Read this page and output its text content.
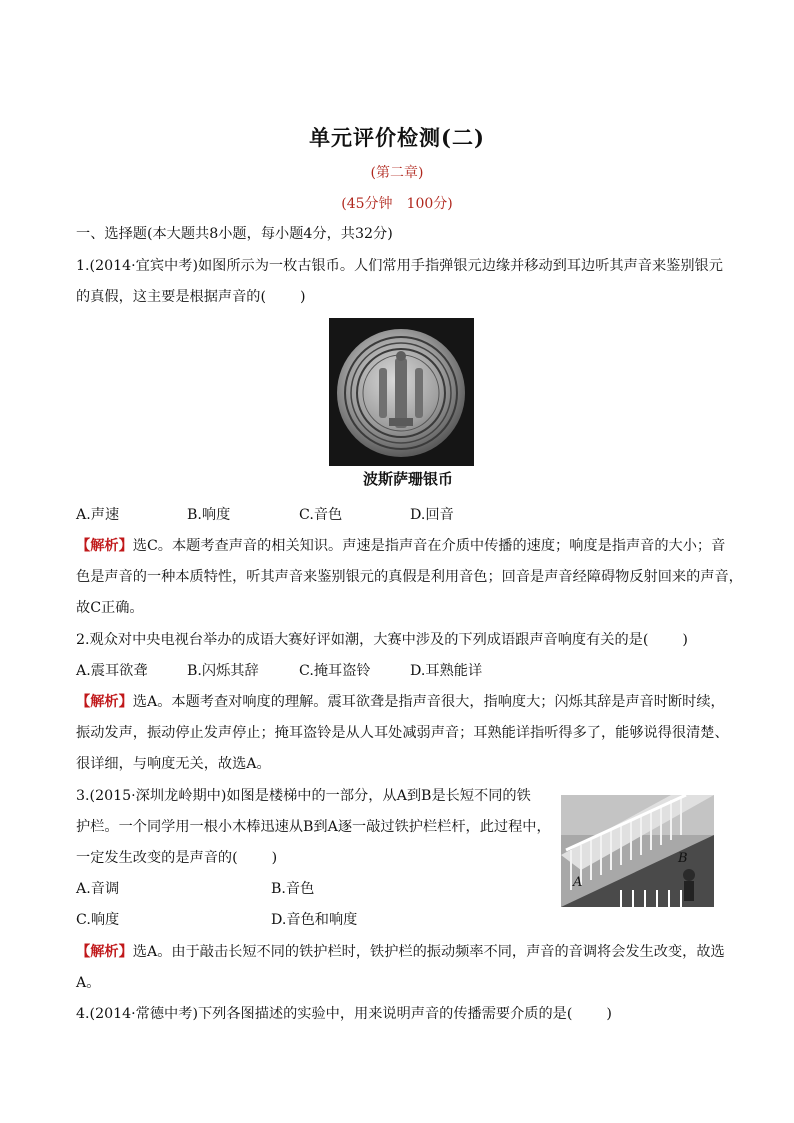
单元评价检测(二)
(第二章)
(45分钟　100分)
一、选择题(本大题共8小题，每小题4分，共32分)
1.(2014·宜宾中考)如图所示为一枚古银币。人们常用手指弹银元边缘并移动到耳边听其声音来鉴别银元
的真假，这主要是根据声音的( )
波斯萨珊银币
A.声速	B.响度	C.音色	D.回音
【解析】选C。本题考查声音的相关知识。声速是指声音在介质中传播的速度；响度是指声音的大小；音
色是声音的一种本质特性，听其声音来鉴别银元的真假是利用音色；回音是声音经障碍物反射回来的声音，
故C正确。
2.观众对中央电视台举办的成语大赛好评如潮，大赛中涉及的下列成语跟声音响度有关的是( )
A.震耳欲聋	B.闪烁其辞	C.掩耳盗铃	D.耳熟能详
【解析】选A。本题考查对响度的理解。震耳欲聋是指声音很大，指响度大；闪烁其辞是声音时断时续，
振动发声，振动停止发声停止；掩耳盗铃是从人耳处减弱声音；耳熟能详指听得多了，能够说得很清楚、
很详细，与响度无关，故选A。
3.(2015·深圳龙岭期中)如图是楼梯中的一部分，从A到B是长短不同的铁
护栏。一个同学用一根小木棒迅速从B到A逐一敲过铁护栏栏杆，此过程中，
一定发生改变的是声音的( )
A
B
A.音调	B.音色
C.响度	D.音色和响度
【解析】选A。由于敲击长短不同的铁护栏时，铁护栏的振动频率不同，声音的音调将会发生改变，故选
A。
4.(2014·常德中考)下列各图描述的实验中，用来说明声音的传播需要介质的是( )
